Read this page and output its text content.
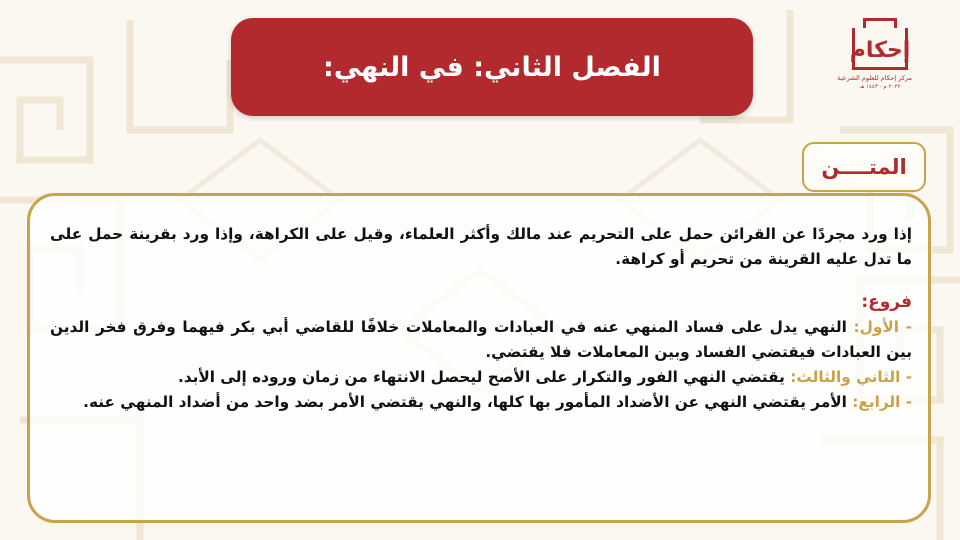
الفصل الثاني: في النهي:
إحكام
مركز إحكام للعلوم الشرعية
٢٠٢٢ م - ١٤٤٣ هـ
المتــــن

إذا ورد مجردًا عن القرائن حمل على التحريم عند مالك وأكثر العلماء، وقيل على الكراهة، وإذا ورد بقرينة حمل على ما تدل عليه القرينة من تحريم أو كراهة.

فروع:

- الأول: النهي يدل على فساد المنهي عنه في العبادات والمعاملات خلافًا للقاضي أبي بكر فيهما وفرق فخر الدين بين العبادات فيقتضي الفساد وبين المعاملات فلا يقتضي.

- الثاني والثالث: يقتضي النهي الفور والتكرار على الأصح ليحصل الانتهاء من زمان وروده إلى الأبد.

- الرابع: الأمر يقتضي النهي عن الأضداد المأمور بها كلها، والنهي يقتضي الأمر بضد واحد من أضداد المنهي عنه.
